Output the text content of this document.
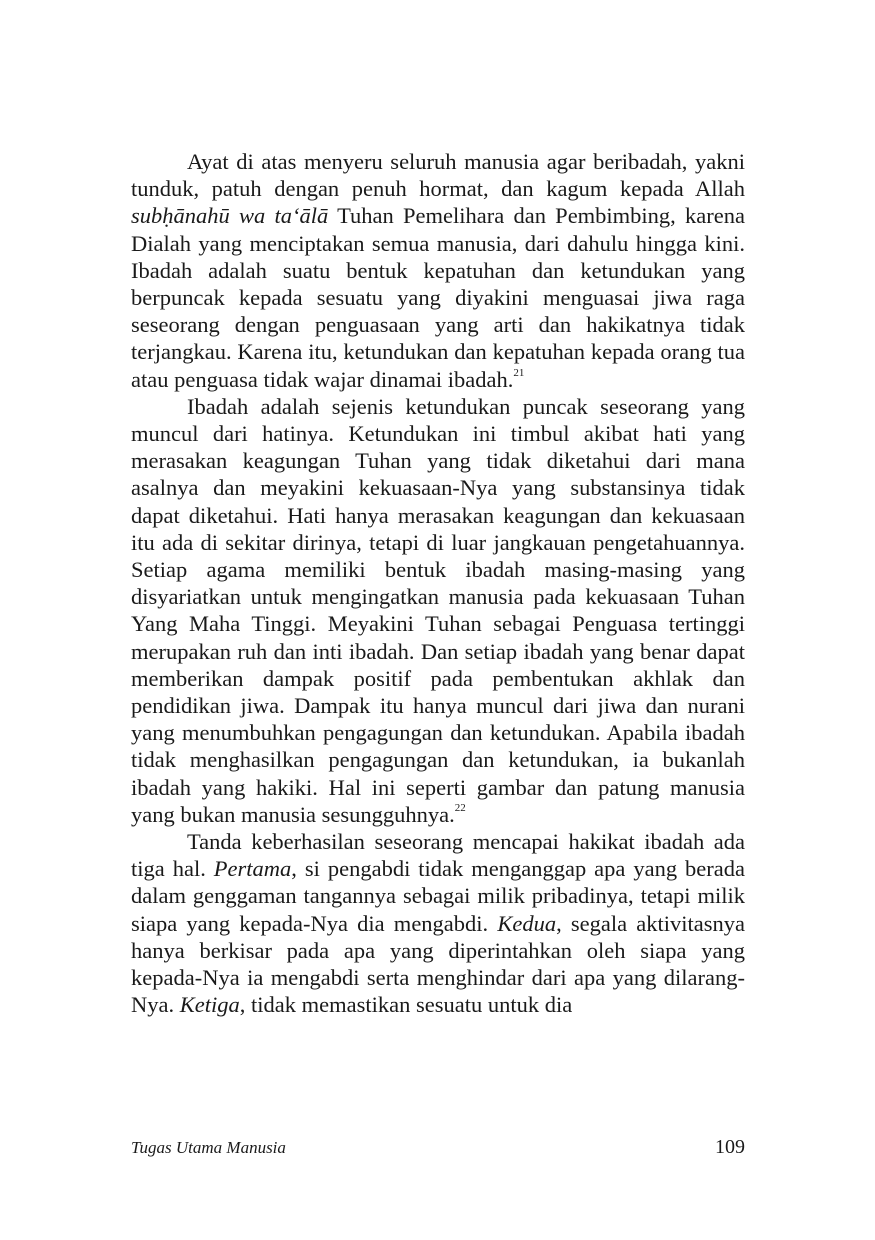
Ayat di atas menyeru seluruh manusia agar beribadah, yakni tunduk, patuh dengan penuh hormat, dan kagum kepada Allah subḥānahū wa ta‘ālā Tuhan Pemelihara dan Pembimbing, karena Dialah yang menciptakan semua manusia, dari dahulu hingga kini. Ibadah adalah suatu bentuk kepatuhan dan ketundukan yang berpuncak kepada sesuatu yang diyakini menguasai jiwa raga seseorang dengan penguasaan yang arti dan hakikatnya tidak terjangkau. Karena itu, ketundukan dan kepatuhan kepada orang tua atau penguasa tidak wajar dinamai ibadah.$^{21}$

Ibadah adalah sejenis ketundukan puncak seseorang yang muncul dari hatinya. Ketundukan ini timbul akibat hati yang merasakan keagungan Tuhan yang tidak diketahui dari mana asalnya dan meyakini kekuasaan-Nya yang substansinya tidak dapat diketahui. Hati hanya merasakan keagungan dan kekuasaan itu ada di sekitar dirinya, tetapi di luar jangkauan pengetahuannya. Setiap agama memiliki bentuk ibadah masing-masing yang disyariatkan untuk mengingatkan manusia pada kekuasaan Tuhan Yang Maha Tinggi. Meyakini Tuhan sebagai Penguasa tertinggi merupakan ruh dan inti ibadah. Dan setiap ibadah yang benar dapat memberikan dampak positif pada pembentukan akhlak dan pendidikan jiwa. Dampak itu hanya muncul dari jiwa dan nurani yang menumbuhkan pengagungan dan ketundukan. Apabila ibadah tidak menghasilkan pengagungan dan ketundukan, ia bukanlah ibadah yang hakiki. Hal ini seperti gambar dan patung manusia yang bukan manusia sesungguhnya.$^{22}$

Tanda keberhasilan seseorang mencapai hakikat ibadah ada tiga hal. Pertama, si pengabdi tidak menganggap apa yang berada dalam genggaman tangannya sebagai milik pribadinya, tetapi milik siapa yang kepada-Nya dia mengabdi. Kedua, segala aktivitasnya hanya berkisar pada apa yang diperintahkan oleh siapa yang kepada-Nya ia mengabdi serta menghindar dari apa yang dilarang-Nya. Ketiga, tidak memastikan sesuatu untuk dia

Tugas Utama Manusia	109
